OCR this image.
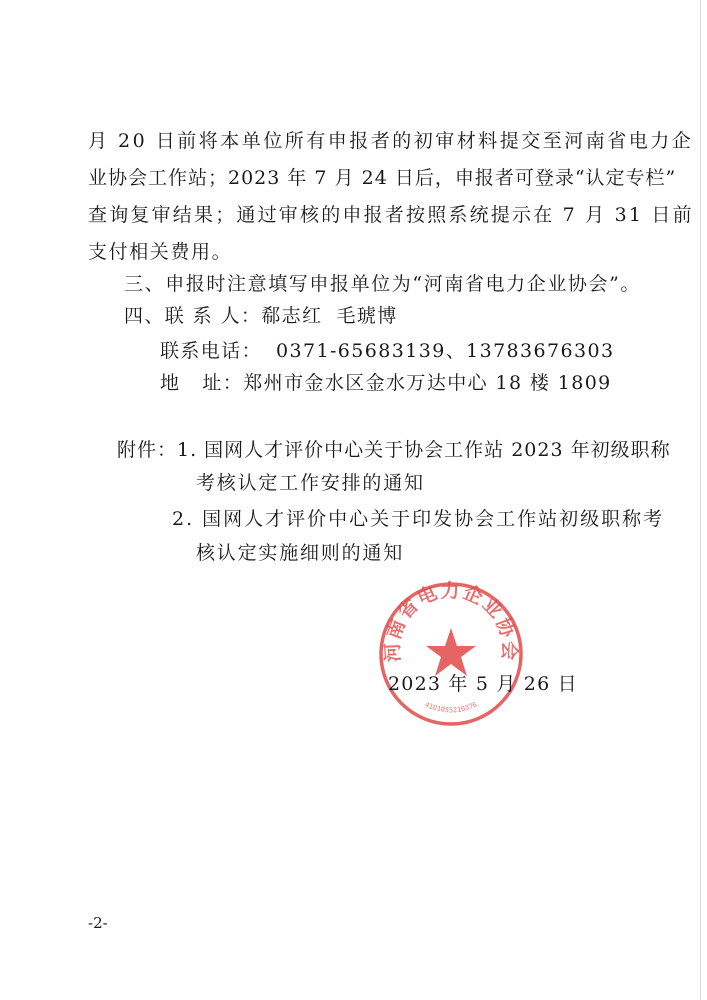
月 20 日前将本单位所有申报者的初审材料提交至河南省电力企
业协会工作站；2023 年 7 月 24 日后，申报者可登录“认定专栏”
查询复审结果；通过审核的申报者按照系统提示在 7 月 31 日前
支付相关费用。
三、申报时注意填写申报单位为“河南省电力企业协会”。
四、联 系 人：郗志红 毛琥博
联系电话： 0371-65683139、13783676303
地 址：郑州市金水区金水万达中心 18 楼 1809
附件：1. 国网人才评价中心关于协会工作站 2023 年初级职称
考核认定工作安排的通知
2. 国网人才评价中心关于印发协会工作站初级职称考
核认定实施细则的通知
河南省电力企业协会
4101055210376
2023 年 5 月 26 日
-2-
